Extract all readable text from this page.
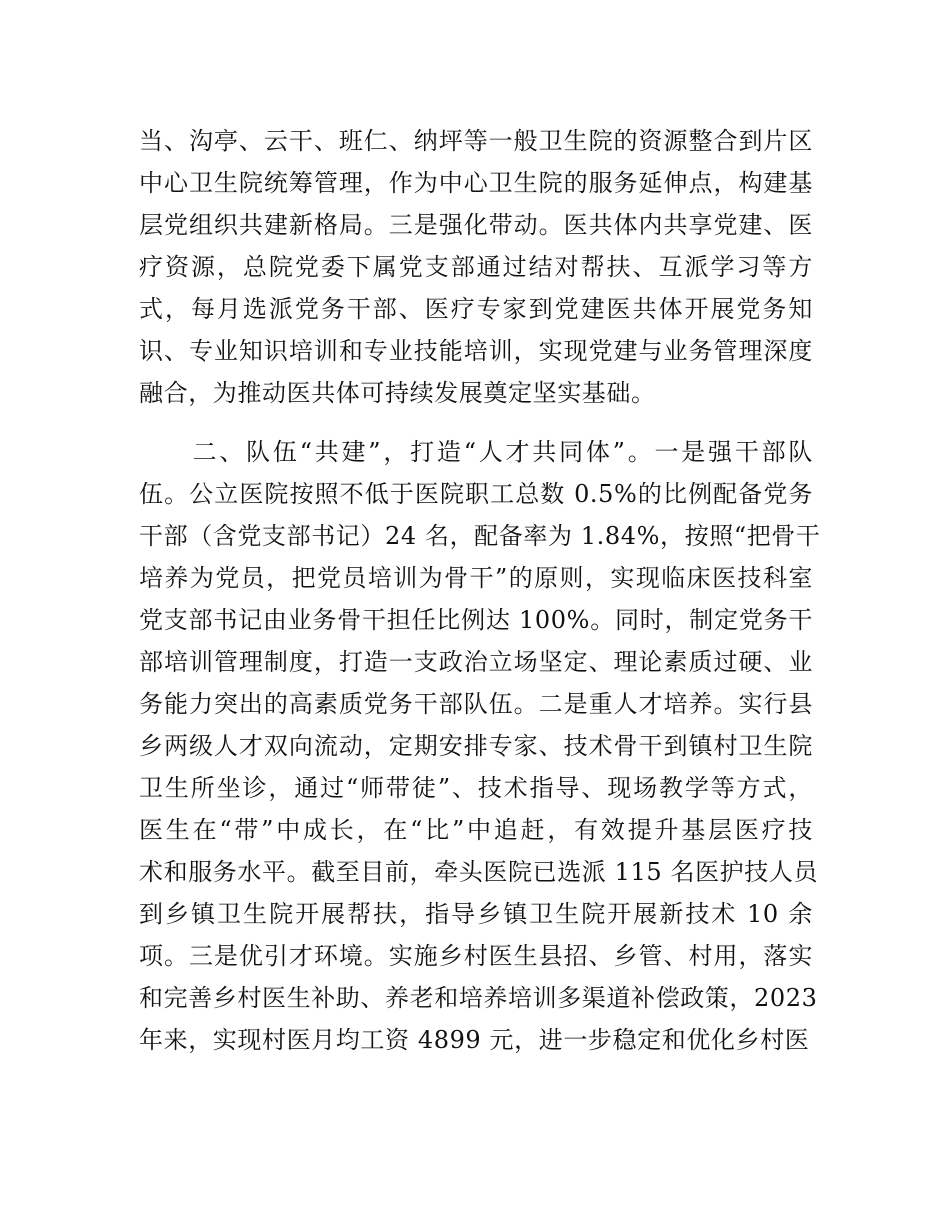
当、沟亭、云干、班仁、纳坪等一般卫生院的资源整合到片区
中心卫生院统筹管理，作为中心卫生院的服务延伸点，构建基
层党组织共建新格局。三是强化带动。医共体内共享党建、医
疗资源，总院党委下属党支部通过结对帮扶、互派学习等方
式，每月选派党务干部、医疗专家到党建医共体开展党务知
识、专业知识培训和专业技能培训，实现党建与业务管理深度
融合，为推动医共体可持续发展奠定坚实基础。
　　二、队伍“共建”，打造“人才共同体”。一是强干部队
伍。公立医院按照不低于医院职工总数 0.5%的比例配备党务
干部（含党支部书记）24 名，配备率为 1.84%，按照“把骨干
培养为党员，把党员培训为骨干”的原则，实现临床医技科室
党支部书记由业务骨干担任比例达 100%。同时，制定党务干
部培训管理制度，打造一支政治立场坚定、理论素质过硬、业
务能力突出的高素质党务干部队伍。二是重人才培养。实行县
乡两级人才双向流动，定期安排专家、技术骨干到镇村卫生院
卫生所坐诊，通过“师带徒”、技术指导、现场教学等方式，
医生在“带”中成长，在“比”中追赶，有效提升基层医疗技
术和服务水平。截至目前，牵头医院已选派 115 名医护技人员
到乡镇卫生院开展帮扶，指导乡镇卫生院开展新技术 10 余
项。三是优引才环境。实施乡村医生县招、乡管、村用，落实
和完善乡村医生补助、养老和培养培训多渠道补偿政策，2023
年来，实现村医月均工资 4899 元，进一步稳定和优化乡村医
